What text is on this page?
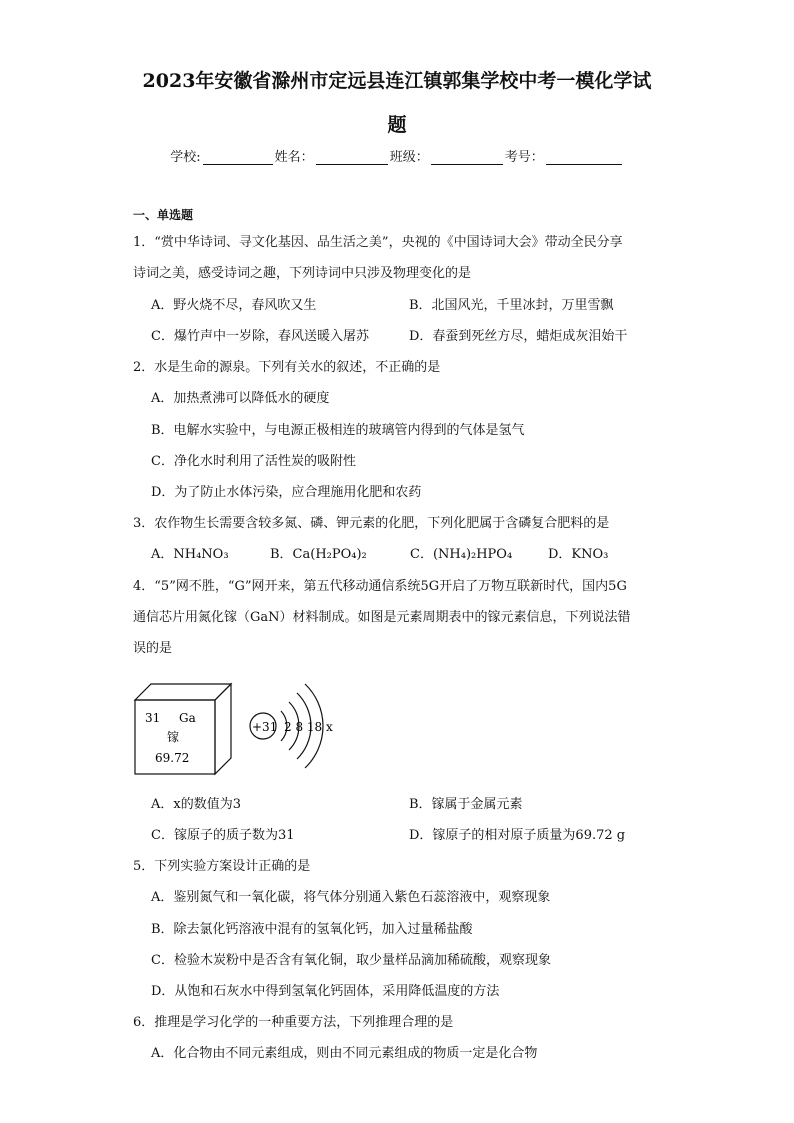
2023年安徽省滁州市定远县连江镇郭集学校中考一模化学试
题
学校:	姓名：	班级：	考号：
一、单选题
1．“赏中华诗词、寻文化基因、品生活之美”，央视的《中国诗词大会》带动全民分享
诗词之美，感受诗词之趣，下列诗词中只涉及物理变化的是
A．野火烧不尽，春风吹又生	B．北国风光，千里冰封，万里雪飘
C．爆竹声中一岁除，春风送暖入屠苏	D．春蚕到死丝方尽，蜡炬成灰泪始干
2．水是生命的源泉。下列有关水的叙述，不正确的是
A．加热煮沸可以降低水的硬度
B．电解水实验中，与电源正极相连的玻璃管内得到的气体是氢气
C．净化水时利用了活性炭的吸附性
D．为了防止水体污染，应合理施用化肥和农药
3．农作物生长需要含较多氮、磷、钾元素的化肥，下列化肥属于含磷复合肥料的是
A．NH₄NO₃	B．Ca(H₂PO₄)₂	C．(NH₄)₂HPO₄	D．KNO₃
4．“5”网不胜，“G”网开来，第五代移动通信系统5G开启了万物互联新时代，国内5G
通信芯片用氮化镓（GaN）材料制成。如图是元素周期表中的镓元素信息，下列说法错
误的是
31 Ga
镓
69.72
+31 2 8 18 x
A．x的数值为3	B．镓属于金属元素
C．镓原子的质子数为31	D．镓原子的相对原子质量为69.72 g
5．下列实验方案设计正确的是
A．鉴别氮气和一氧化碳，将气体分别通入紫色石蕊溶液中，观察现象
B．除去氯化钙溶液中混有的氢氧化钙，加入过量稀盐酸
C．检验木炭粉中是否含有氧化铜，取少量样品滴加稀硫酸，观察现象
D．从饱和石灰水中得到氢氧化钙固体，采用降低温度的方法
6．推理是学习化学的一种重要方法，下列推理合理的是
A．化合物由不同元素组成，则由不同元素组成的物质一定是化合物
